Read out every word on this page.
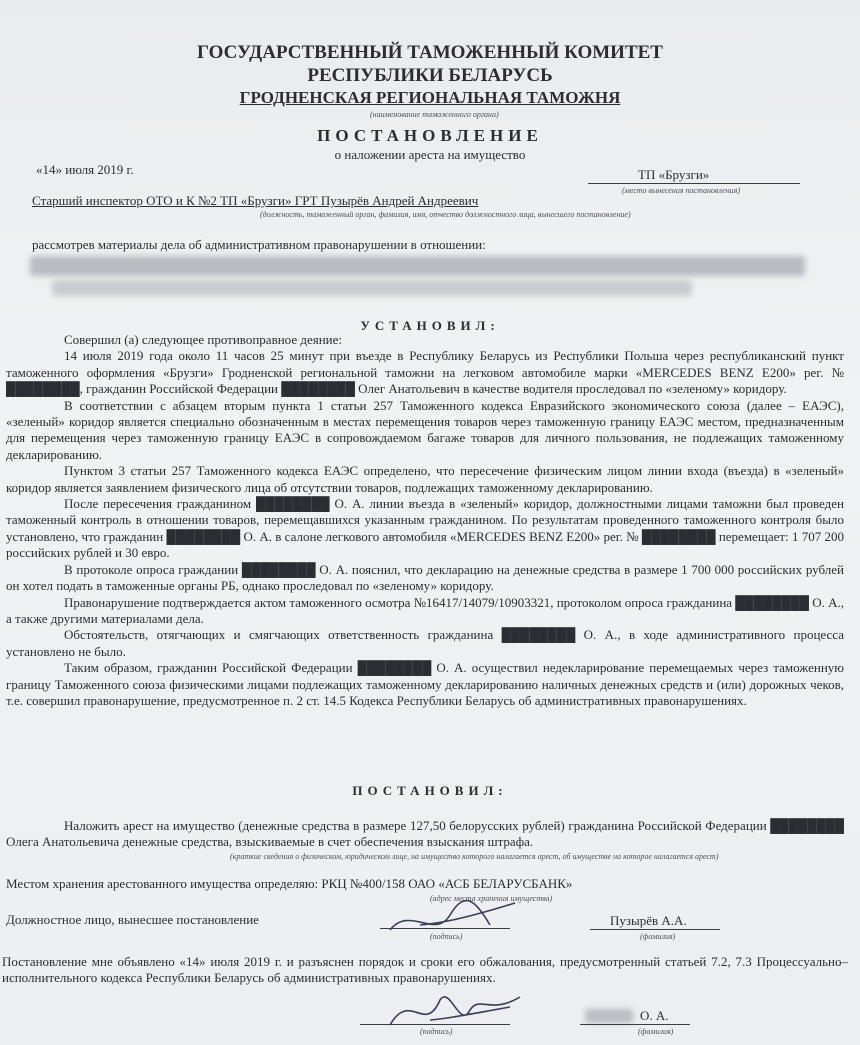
ГОСУДАРСТВЕННЫЙ ТАМОЖЕННЫЙ КОМИТЕТ
РЕСПУБЛИКИ БЕЛАРУСЬ
ГРОДНЕНСКАЯ РЕГИОНАЛЬНАЯ ТАМОЖНЯ
(наименование таможенного органа)
ПОСТАНОВЛЕНИЕ
о наложении ареста на имущество
«14» июля 2019 г.	ТП «Брузги»
(место вынесения постановления)
Старший инспектор ОТО и К №2 ТП «Брузги» ГРТ Пузырёв Андрей Андреевич
(должность, таможенный орган, фамилия, имя, отчество должностного лица, вынесшего постановление)
рассмотрев материалы дела об административном правонарушении в отношении:
УСТАНОВИЛ:
Совершил (а) следующее противоправное деяние:
14 июля 2019 года около 11 часов 25 минут при въезде в Республику Беларусь из Республики Польша через республиканский пункт таможенного оформления «Брузги» Гродненской региональной таможни на легковом автомобиле марки «MERCEDES BENZ E200» рег. № ████████, гражданин Российской Федерации ████████ Олег Анатольевич в качестве водителя проследовал по «зеленому» коридору.
В соответствии с абзацем вторым пункта 1 статьи 257 Таможенного кодекса Евразийского экономического союза (далее – ЕАЭС), «зеленый» коридор является специально обозначенным в местах перемещения товаров через таможенную границу ЕАЭС местом, предназначенным для перемещения через таможенную границу ЕАЭС в сопровождаемом багаже товаров для личного пользования, не подлежащих таможенному декларированию.
Пунктом 3 статьи 257 Таможенного кодекса ЕАЭС определено, что пересечение физическим лицом линии входа (въезда) в «зеленый» коридор является заявлением физического лица об отсутствии товаров, подлежащих таможенному декларированию.
После пересечения гражданином ████████ О. А. линии въезда в «зеленый» коридор, должностными лицами таможни был проведен таможенный контроль в отношении товаров, перемещавшихся указанным гражданином. По результатам проведенного таможенного контроля было установлено, что гражданин ████████ О. А. в салоне легкового автомобиля «MERCEDES BENZ E200» рег. № ████████ перемещает: 1 707 200 российских рублей и 30 евро.
В протоколе опроса граждании ████████ О. А. пояснил, что декларацию на денежные средства в размере 1 700 000 российских рублей он хотел подать в таможенные органы РБ, однако проследовал по «зеленому» коридору.
Правонарушение подтверждается актом таможенного осмотра №16417/14079/10903321, протоколом опроса гражданина ████████ О. А., а также другими материалами дела.
Обстоятельств, отягчающих и смягчающих ответственность гражданина ████████ О. А., в ходе административного процесса установлено не было.
Таким образом, гражданин Российской Федерации ████████ О. А. осуществил недекларирование перемещаемых через таможенную границу Таможенного союза физическими лицами подлежащих таможенному декларированию наличных денежных средств и (или) дорожных чеков, т.е. совершил правонарушение, предусмотренное п. 2 ст. 14.5 Кодекса Республики Беларусь об административных правонарушениях.
ПОСТАНОВИЛ:
Наложить арест на имущество (денежные средства в размере 127,50 белорусских рублей) гражданина Российской Федерации ████████ Олега Анатольевича денежные средства, взыскиваемые в счет обеспечения взыскания штрафа.
(краткие сведения о физическом, юридическом лице, на имущество которого налагается арест, об имуществе на которое налагается арест)
Местом хранения арестованного имущества определяю: РКЦ №400/158 ОАО «АСБ БЕЛАРУСБАНК»
(адрес места хранения имущества)
Должностное лицо, вынесшее постановление
(подпись)
Пузырёв А.А.
(фамилия)
Постановление мне объявлено «14» июля 2019 г. и разъяснен порядок и сроки его обжалования, предусмотренный статьей 7.2, 7.3 Процессуально–исполнительного кодекса Республики Беларусь об административных правонарушениях.
(подпись)
О. А.
(фамилия)
